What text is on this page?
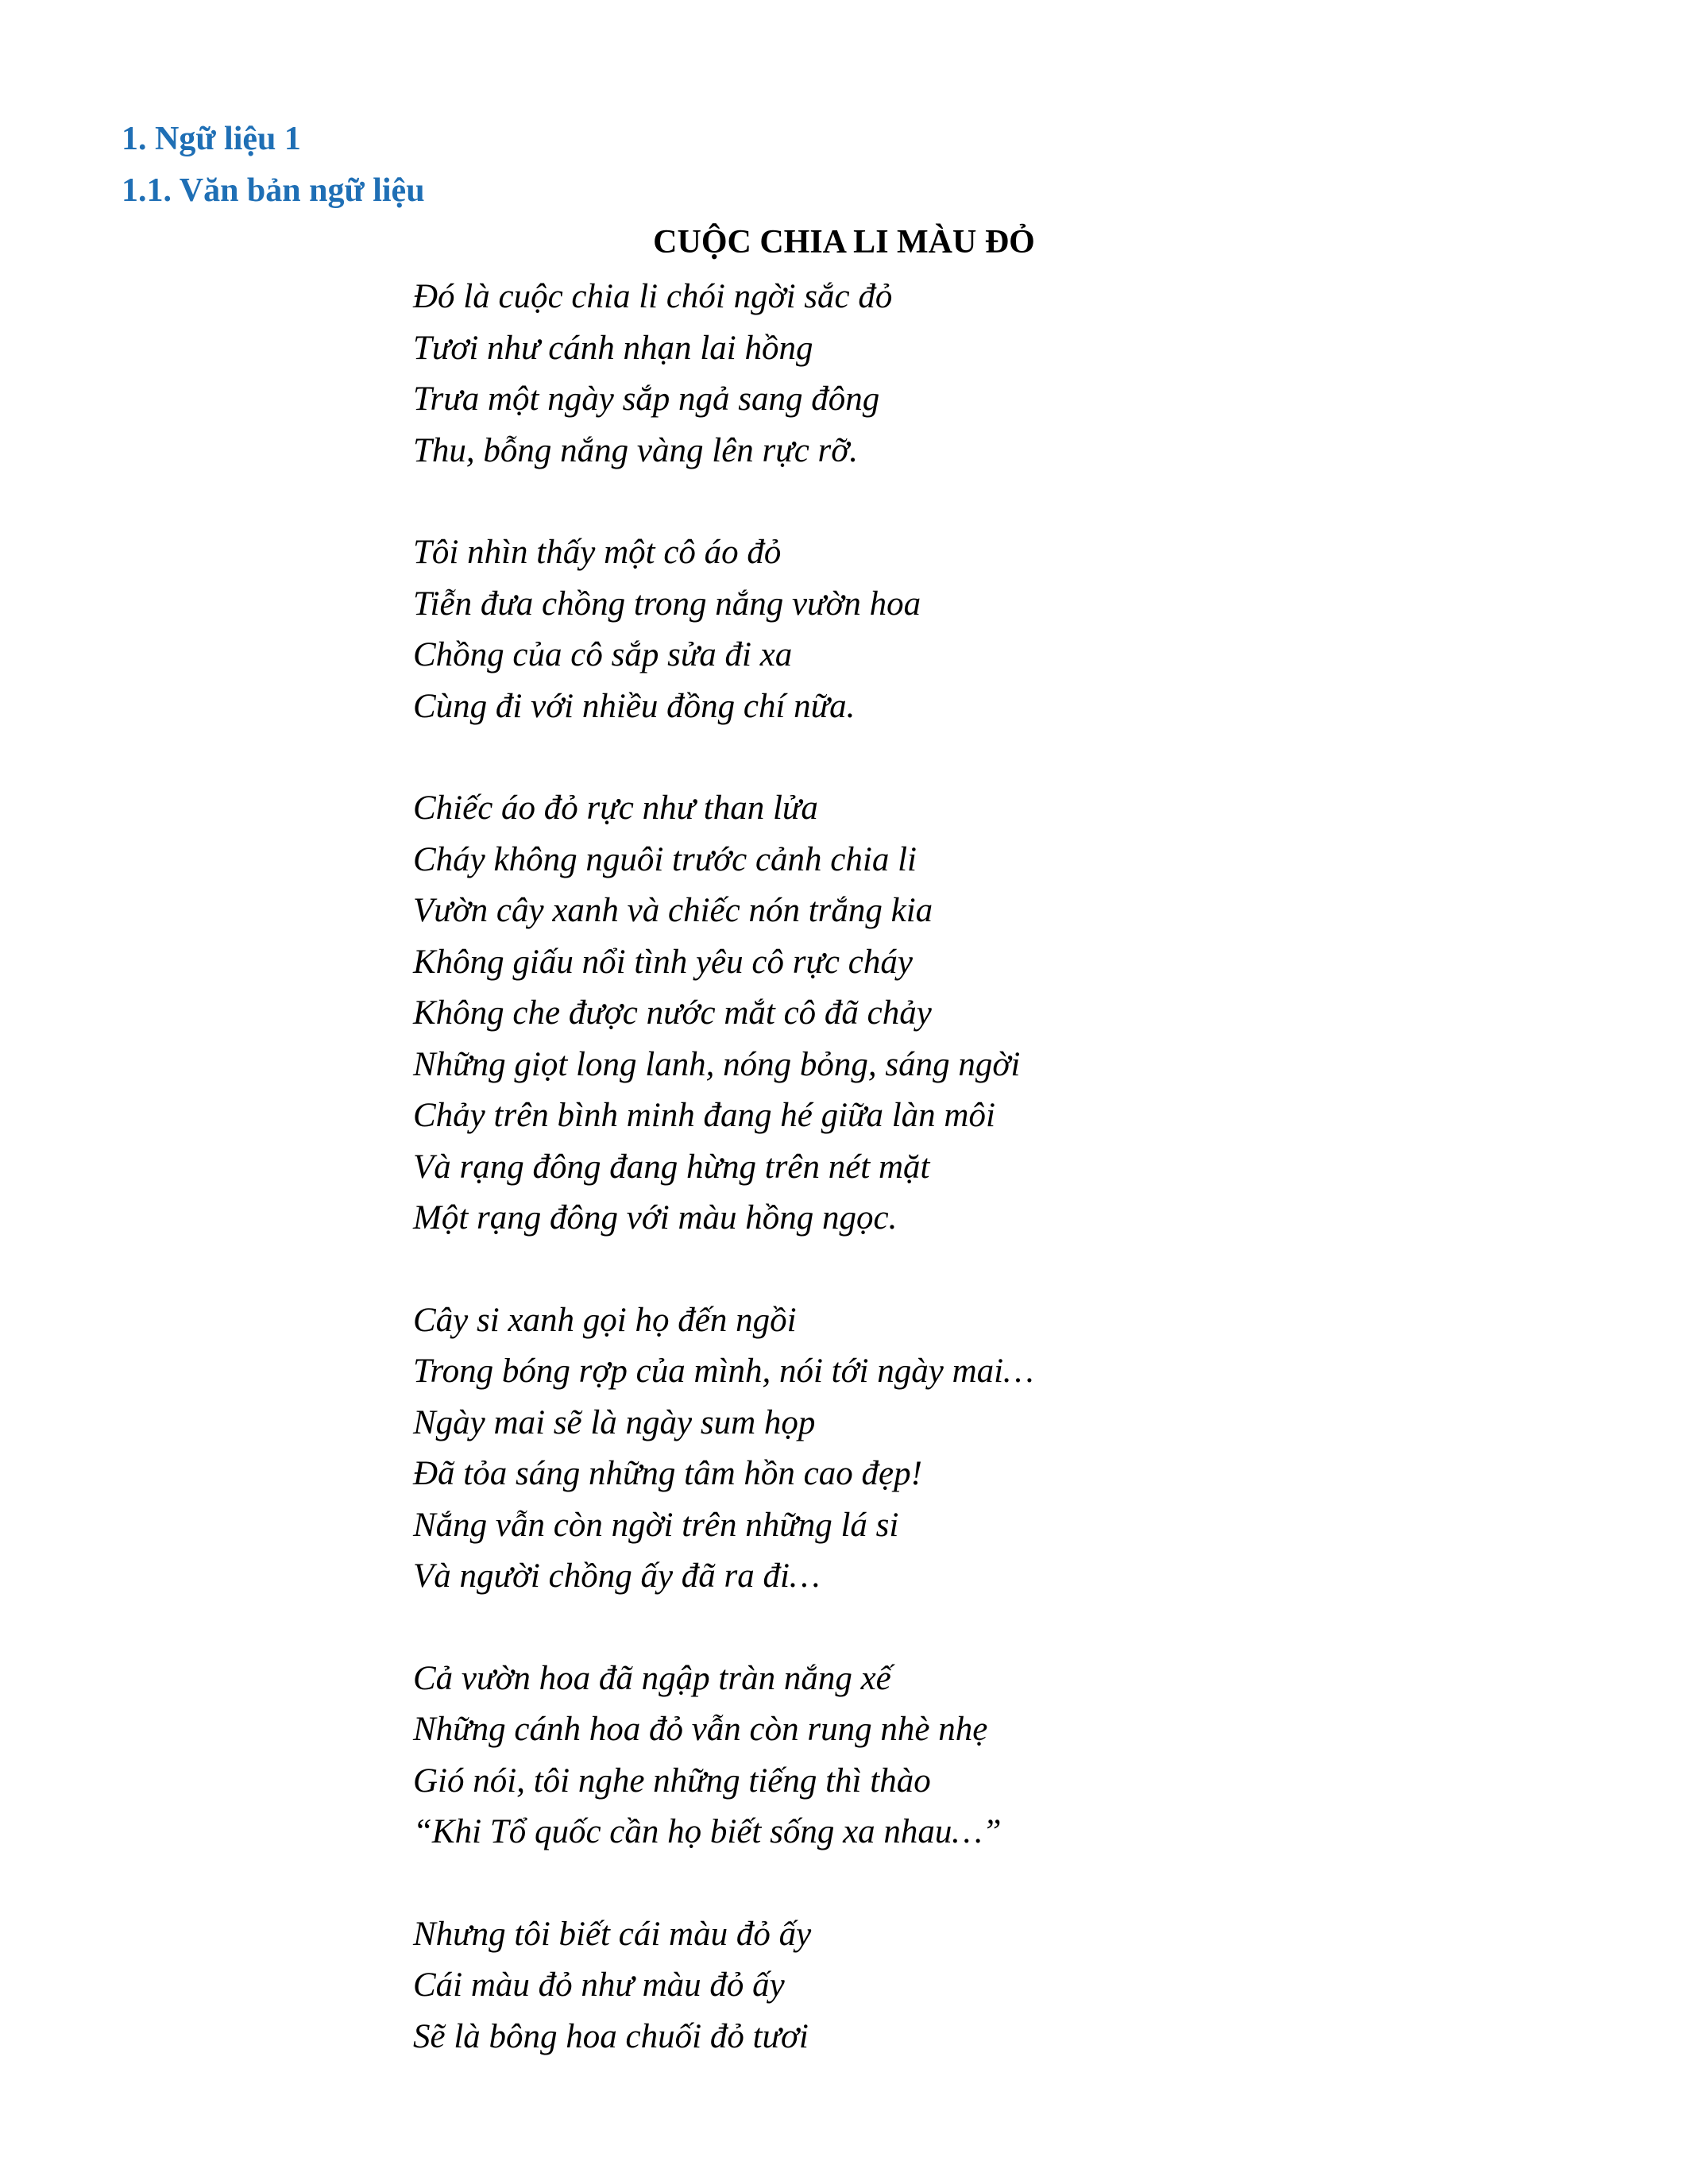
1. Ngữ liệu 1
1.1. Văn bản ngữ liệu
CUỘC CHIA LI MÀU ĐỎ
Đó là cuộc chia li chói ngời sắc đỏ
Tươi như cánh nhạn lai hồng
Trưa một ngày sắp ngả sang đông
Thu, bỗng nắng vàng lên rực rỡ.
Tôi nhìn thấy một cô áo đỏ
Tiễn đưa chồng trong nắng vườn hoa
Chồng của cô sắp sửa đi xa
Cùng đi với nhiều đồng chí nữa.
Chiếc áo đỏ rực như than lửa
Cháy không nguôi trước cảnh chia li
Vườn cây xanh và chiếc nón trắng kia
Không giấu nổi tình yêu cô rực cháy
Không che được nước mắt cô đã chảy
Những giọt long lanh, nóng bỏng, sáng ngời
Chảy trên bình minh đang hé giữa làn môi
Và rạng đông đang hừng trên nét mặt
Một rạng đông với màu hồng ngọc.
Cây si xanh gọi họ đến ngồi
Trong bóng rợp của mình, nói tới ngày mai…
Ngày mai sẽ là ngày sum họp
Đã tỏa sáng những tâm hồn cao đẹp!
Nắng vẫn còn ngời trên những lá si
Và người chồng ấy đã ra đi…
Cả vườn hoa đã ngập tràn nắng xế
Những cánh hoa đỏ vẫn còn rung nhè nhẹ
Gió nói, tôi nghe những tiếng thì thào
“Khi Tổ quốc cần họ biết sống xa nhau…”
Nhưng tôi biết cái màu đỏ ấy
Cái màu đỏ như màu đỏ ấy
Sẽ là bông hoa chuối đỏ tươi
